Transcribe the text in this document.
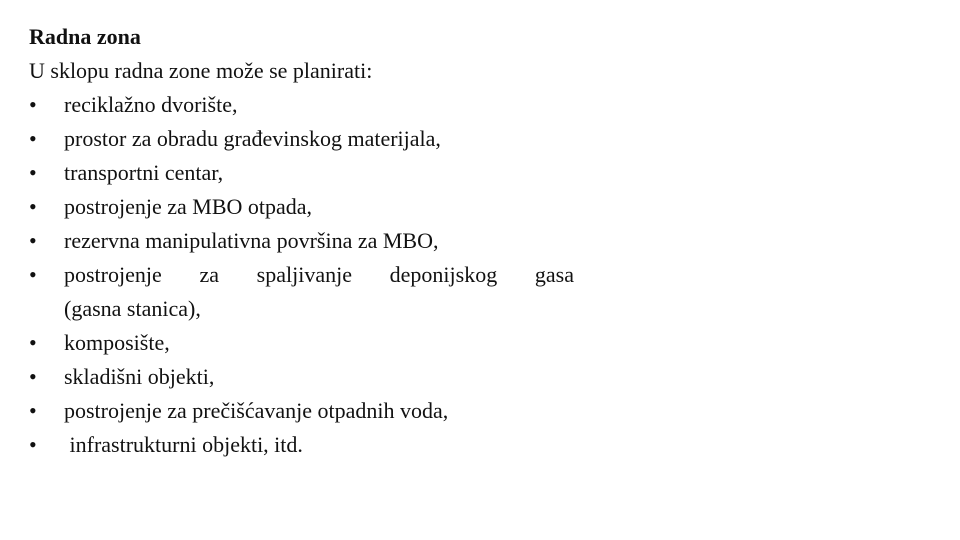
Radna zona

U sklopu radna zone može se planirati:

•	reciklažno dvorište,
•	prostor za obradu građevinskog materijala,
•	transportni centar,
•	postrojenje za MBO otpada,
•	rezervna manipulativna površina za MBO,
•	postrojenje za spaljivanje deponijskog gasa
(gasna stanica),
•	komposište,
•	skladišni objekti,
•	postrojenje za prečišćavanje otpadnih voda,
•	infrastrukturni objekti, itd.
